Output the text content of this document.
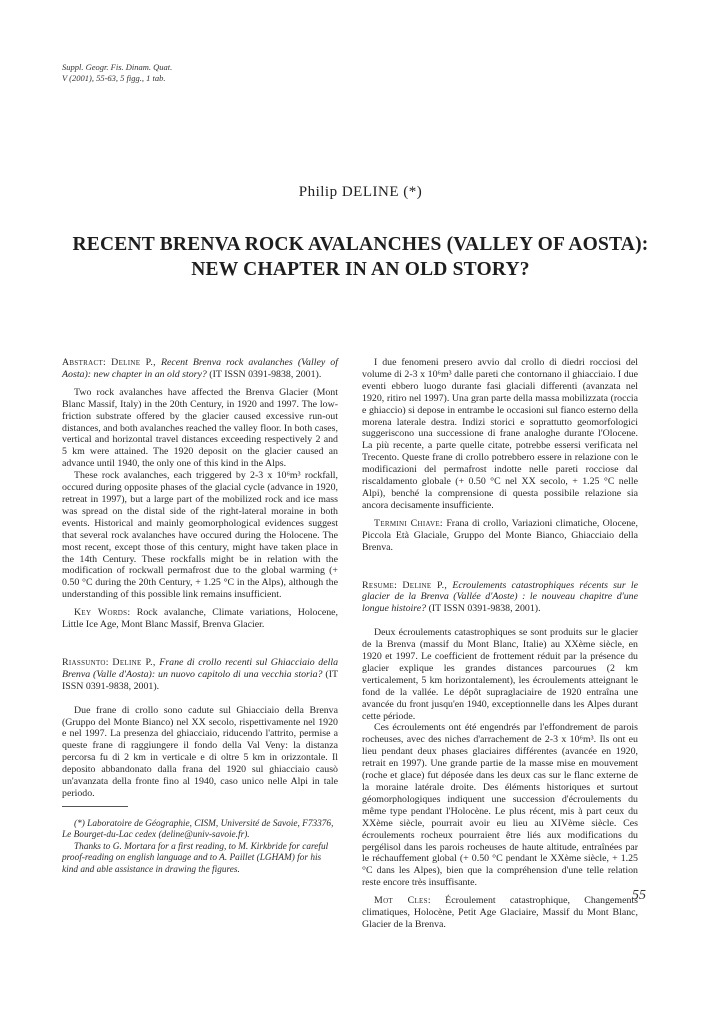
Suppl. Geogr. Fis. Dinam. Quat.
V (2001), 55-63, 5 figg., 1 tab.
Philip DELINE (*)
RECENT BRENVA ROCK AVALANCHES (VALLEY OF AOSTA):
NEW CHAPTER IN AN OLD STORY?

Abstract: Deline P., Recent Brenva rock avalanches (Valley of Aosta): new chapter in an old story? (IT ISSN 0391-9838, 2001).

Two rock avalanches have affected the Brenva Glacier (Mont Blanc Massif, Italy) in the 20th Century, in 1920 and 1997. The low-friction substrate offered by the glacier caused excessive run-out distances, and both avalanches reached the valley floor. In both cases, vertical and horizontal travel distances exceeding respectively 2 and 5 km were attained. The 1920 deposit on the glacier caused an advance until 1940, the only one of this kind in the Alps.

These rock avalanches, each triggered by 2-3 x 10⁶m³ rockfall, occured during opposite phases of the glacial cycle (advance in 1920, retreat in 1997), but a large part of the mobilized rock and ice mass was spread on the distal side of the right-lateral moraine in both events. Historical and mainly geomorphological evidences suggest that several rock avalanches have occured during the Holocene. The most recent, except those of this century, might have taken place in the 14th Century. These rockfalls might be in relation with the modification of rockwall permafrost due to the global warming (+ 0.50 °C during the 20th Century, + 1.25 °C in the Alps), although the understanding of this possible link remains insufficient.

Key Words: Rock avalanche, Climate variations, Holocene, Little Ice Age, Mont Blanc Massif, Brenva Glacier.

Riassunto: Deline P., Frane di crollo recenti sul Ghiacciaio della Brenva (Valle d'Aosta): un nuovo capitolo di una vecchia storia? (IT ISSN 0391-9838, 2001).

Due frane di crollo sono cadute sul Ghiacciaio della Brenva (Gruppo del Monte Bianco) nel XX secolo, rispettivamente nel 1920 e nel 1997. La presenza del ghiacciaio, riducendo l'attrito, permise a queste frane di raggiungere il fondo della Val Veny: la distanza percorsa fu di 2 km in verticale e di oltre 5 km in orizzontale. Il deposito abbandonato dalla frana del 1920 sul ghiacciaio causò un'avanzata della fronte fino al 1940, caso unico nelle Alpi in tale periodo.

(*) Laboratoire de Géographie, CISM, Université de Savoie, F73376, Le Bourget-du-Lac cedex (deline@univ-savoie.fr).

Thanks to G. Mortara for a first reading, to M. Kirkbride for careful proof-reading on english language and to A. Paillet (LGHAM) for his kind and able assistance in drawing the figures.

I due fenomeni presero avvio dal crollo di diedri rocciosi del volume di 2-3 x 10⁶m³ dalle pareti che contornano il ghiacciaio. I due eventi ebbero luogo durante fasi glaciali differenti (avanzata nel 1920, ritiro nel 1997). Una gran parte della massa mobilizzata (roccia e ghiaccio) si depose in entrambe le occasioni sul fianco esterno della morena laterale destra. Indizi storici e soprattutto geomorfologici suggeriscono una successione di frane analoghe durante l'Olocene. La più recente, a parte quelle citate, potrebbe essersi verificata nel Trecento. Queste frane di crollo potrebbero essere in relazione con le modificazioni del permafrost indotte nelle pareti rocciose dal riscaldamento globale (+ 0.50 °C nel XX secolo, + 1.25 °C nelle Alpi), benché la comprensione di questa possibile relazione sia ancora decisamente insufficiente.

Termini Chiave: Frana di crollo, Variazioni climatiche, Olocene, Piccola Età Glaciale, Gruppo del Monte Bianco, Ghiacciaio della Brenva.

Resume: Deline P., Ecroulements catastrophiques récents sur le glacier de la Brenva (Vallée d'Aoste) : le nouveau chapitre d'une longue histoire? (IT ISSN 0391-9838, 2001).

Deux écroulements catastrophiques se sont produits sur le glacier de la Brenva (massif du Mont Blanc, Italie) au XXème siècle, en 1920 et 1997. Le coefficient de frottement réduit par la présence du glacier explique les grandes distances parcourues (2 km verticalement, 5 km horizontalement), les écroulements atteignant le fond de la vallée. Le dépôt supraglaciaire de 1920 entraîna une avancée du front jusqu'en 1940, exceptionnelle dans les Alpes durant cette période.

Ces écroulements ont été engendrés par l'effondrement de parois rocheuses, avec des niches d'arrachement de 2-3 x 10⁶m³. Ils ont eu lieu pendant deux phases glaciaires différentes (avancée en 1920, retrait en 1997). Une grande partie de la masse mise en mouvement (roche et glace) fut déposée dans les deux cas sur le flanc externe de la moraine latérale droite. Des éléments historiques et surtout géomorphologiques indiquent une succession d'écroulements du même type pendant l'Holocène. Le plus récent, mis à part ceux du XXème siècle, pourrait avoir eu lieu au XIVème siècle. Ces écroulements rocheux pourraient être liés aux modifications du pergélisol dans les parois rocheuses de haute altitude, entraînées par le réchauffement global (+ 0.50 °C pendant le XXème siècle, + 1.25 °C dans les Alpes), bien que la compréhension d'une telle relation reste encore très insuffisante.

Mot Cles: Écroulement catastrophique, Changements climatiques, Holocène, Petit Age Glaciaire, Massif du Mont Blanc, Glacier de la Brenva.

55
